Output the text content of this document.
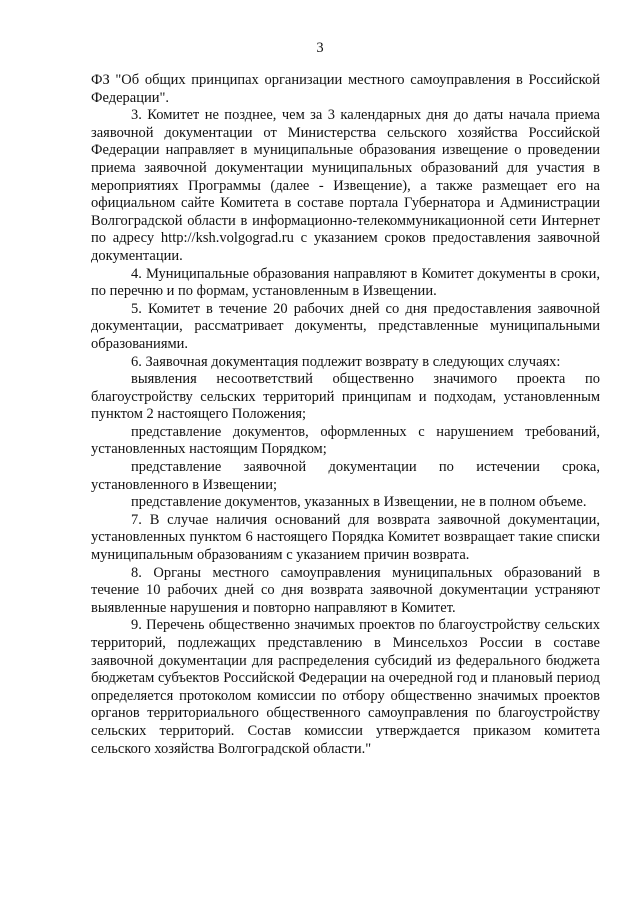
3

ФЗ "Об общих принципах организации местного самоуправления в Российской Федерации".

3. Комитет не позднее, чем за 3 календарных дня до даты начала приема заявочной документации от Министерства сельского хозяйства Российской Федерации направляет в муниципальные образования извещение о проведении приема заявочной документации муниципальных образований для участия в мероприятиях Программы (далее - Извещение), а также размещает его на официальном сайте Комитета в составе портала Губернатора и Администрации Волгоградской области в информационно-телекоммуникационной сети Интернет по адресу http://ksh.volgograd.ru с указанием сроков предоставления заявочной документации.

4. Муниципальные образования направляют в Комитет документы в сроки, по перечню и по формам, установленным в Извещении.

5. Комитет в течение 20 рабочих дней со дня предоставления заявочной документации, рассматривает документы, представленные муниципальными образованиями.

6. Заявочная документация подлежит возврату в следующих случаях:

выявления несоответствий общественно значимого проекта по благоустройству сельских территорий принципам и подходам, установленным пунктом 2 настоящего Положения;

представление документов, оформленных с нарушением требований, установленных настоящим Порядком;

представление заявочной документации по истечении срока, установленного в Извещении;

представление документов, указанных в Извещении, не в полном объеме.

7. В случае наличия оснований для возврата заявочной документации, установленных пунктом 6 настоящего Порядка Комитет возвращает такие списки муниципальным образованиям с указанием причин возврата.

8. Органы местного самоуправления муниципальных образований в течение 10 рабочих дней со дня возврата заявочной документации устраняют выявленные нарушения и повторно направляют в Комитет.

9. Перечень общественно значимых проектов по благоустройству сельских территорий, подлежащих представлению в Минсельхоз России в составе заявочной документации для распределения субсидий из федерального бюджета бюджетам субъектов Российской Федерации на очередной год и плановый период определяется протоколом комиссии по отбору общественно значимых проектов органов территориального общественного самоуправления по благоустройству сельских территорий. Состав комиссии утверждается приказом комитета сельского хозяйства Волгоградской области."
